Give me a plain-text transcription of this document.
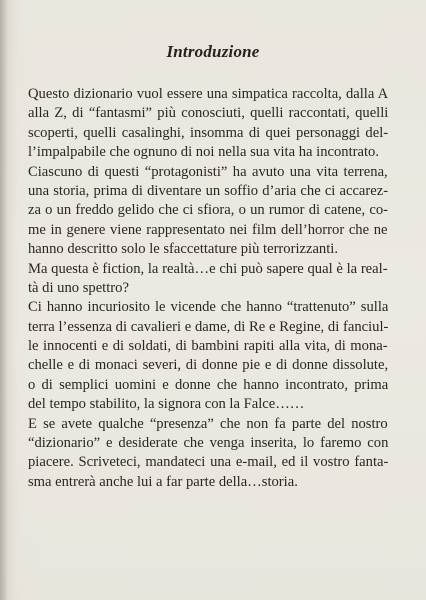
Introduzione
Questo dizionario vuol essere una simpatica raccolta, dalla A
alla Z, di “fantasmi” più conosciuti, quelli raccontati, quelli
scoperti, quelli casalinghi, insomma di quei personaggi del-
l’impalpabile che ognuno di noi nella sua vita ha incontrato.
Ciascuno di questi “protagonisti” ha avuto una vita terrena,
una storia, prima di diventare un soffio d’aria che ci accarez-
za o un freddo gelido che ci sfiora, o un rumor di catene, co-
me in genere viene rappresentato nei film dell’horror che ne
hanno descritto solo le sfaccettature più terrorizzanti.
Ma questa è fiction, la realtà…e chi può sapere qual è la real-
tà di uno spettro?
Ci hanno incuriosito le vicende che hanno “trattenuto” sulla
terra l’essenza di cavalieri e dame, di Re e Regine, di fanciul-
le innocenti e di soldati, di bambini rapiti alla vita, di mona-
chelle e di monaci severi, di donne pie e di donne dissolute,
o di semplici uomini e donne che hanno incontrato, prima
del tempo stabilito, la signora con la Falce……
E se avete qualche “presenza” che non fa parte del nostro
“dizionario” e desiderate che venga inserita, lo faremo con
piacere. Scriveteci, mandateci una e-mail, ed il vostro fanta-
sma entrerà anche lui a far parte della…storia.
